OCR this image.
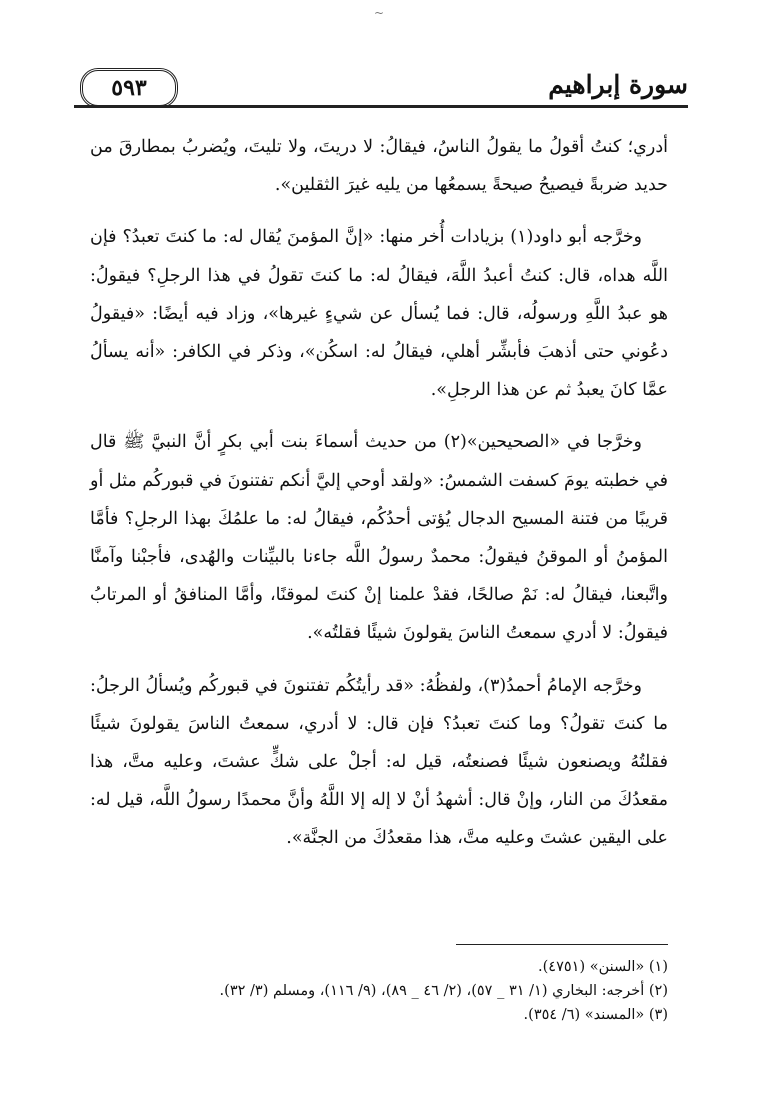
~
سورة إبراهيم
٥٩٣

أدري؛ كنتُ أقولُ ما يقولُ الناسُ، فيقالُ: لا دريتَ، ولا تليتَ، ويُضربُ بمطارقَ من حديد ضربةً فيصيحُ صيحةً يسمعُها من يليه غيرَ الثقلين».

وخرَّجه أبو داود(١) بزيادات أُخر منها: «إنَّ المؤمنَ يُقال له: ما كنتَ تعبدُ؟ فإن اللَّه هداه، قال: كنتُ أعبدُ اللَّهَ، فيقالُ له: ما كنتَ تقولُ في هذا الرجلِ؟ فيقولُ: هو عبدُ اللَّهِ ورسولُه، قال: فما يُسأل عن شيءٍ غيرها»، وزاد فيه أيضًا: «فيقولُ دعُوني حتى أذهبَ فأبشِّر أهلي، فيقالُ له: اسكُن»، وذكر في الكافر: «أنه يسألُ عمَّا كانَ يعبدُ ثم عن هذا الرجلِ».

وخرَّجا في «الصحيحين»(٢) من حديث أسماءَ بنت أبي بكرٍ أنَّ النبيَّ ﷺ قال في خطبته يومَ كسفت الشمسُ: «ولقد أوحي إليَّ أنكم تفتنونَ في قبوركُم مثل أو قريبًا من فتنة المسيح الدجال يُؤتى أحدُكُم، فيقالُ له: ما علمُكَ بهذا الرجلِ؟ فأمَّا المؤمنُ أو الموقنُ فيقولُ: محمدٌ رسولُ اللَّه جاءنا بالبيِّنات والهُدى، فأجبْنا وآمنَّا واتَّبعنا، فيقالُ له: نَمْ صالحًا، فقدْ علمنا إنْ كنتَ لموقنًا، وأمَّا المنافقُ أو المرتابُ فيقولُ: لا أدري سمعتُ الناسَ يقولونَ شيئًا فقلتُه».

وخرَّجه الإمامُ أحمدُ(٣)، ولفظُهُ: «قد رأيتُكُم تفتنونَ في قبوركُم ويُسألُ الرجلُ: ما كنتَ تقولُ؟ وما كنتَ تعبدُ؟ فإن قال: لا أدري، سمعتُ الناسَ يقولونَ شيئًا فقلتُهُ ويصنعون شيئًا فصنعتُه، قيل له: أجلْ على شكٍّ عشتَ، وعليه متَّ، هذا مقعدُكَ من النار، وإنْ قال: أشهدُ أنْ لا إله إلا اللَّهُ وأنَّ محمدًا رسولُ اللَّه، قيل له: على اليقين عشتَ وعليه متَّ، هذا مقعدُكَ من الجنَّة».

(١) «السنن» (٤٧٥١).
(٢) أخرجه: البخاري (١/ ٣١ _ ٥٧)، (٢/ ٤٦ _ ٨٩)، (٩/ ١١٦)، ومسلم (٣/ ٣٢).
(٣) «المسند» (٦/ ٣٥٤).
